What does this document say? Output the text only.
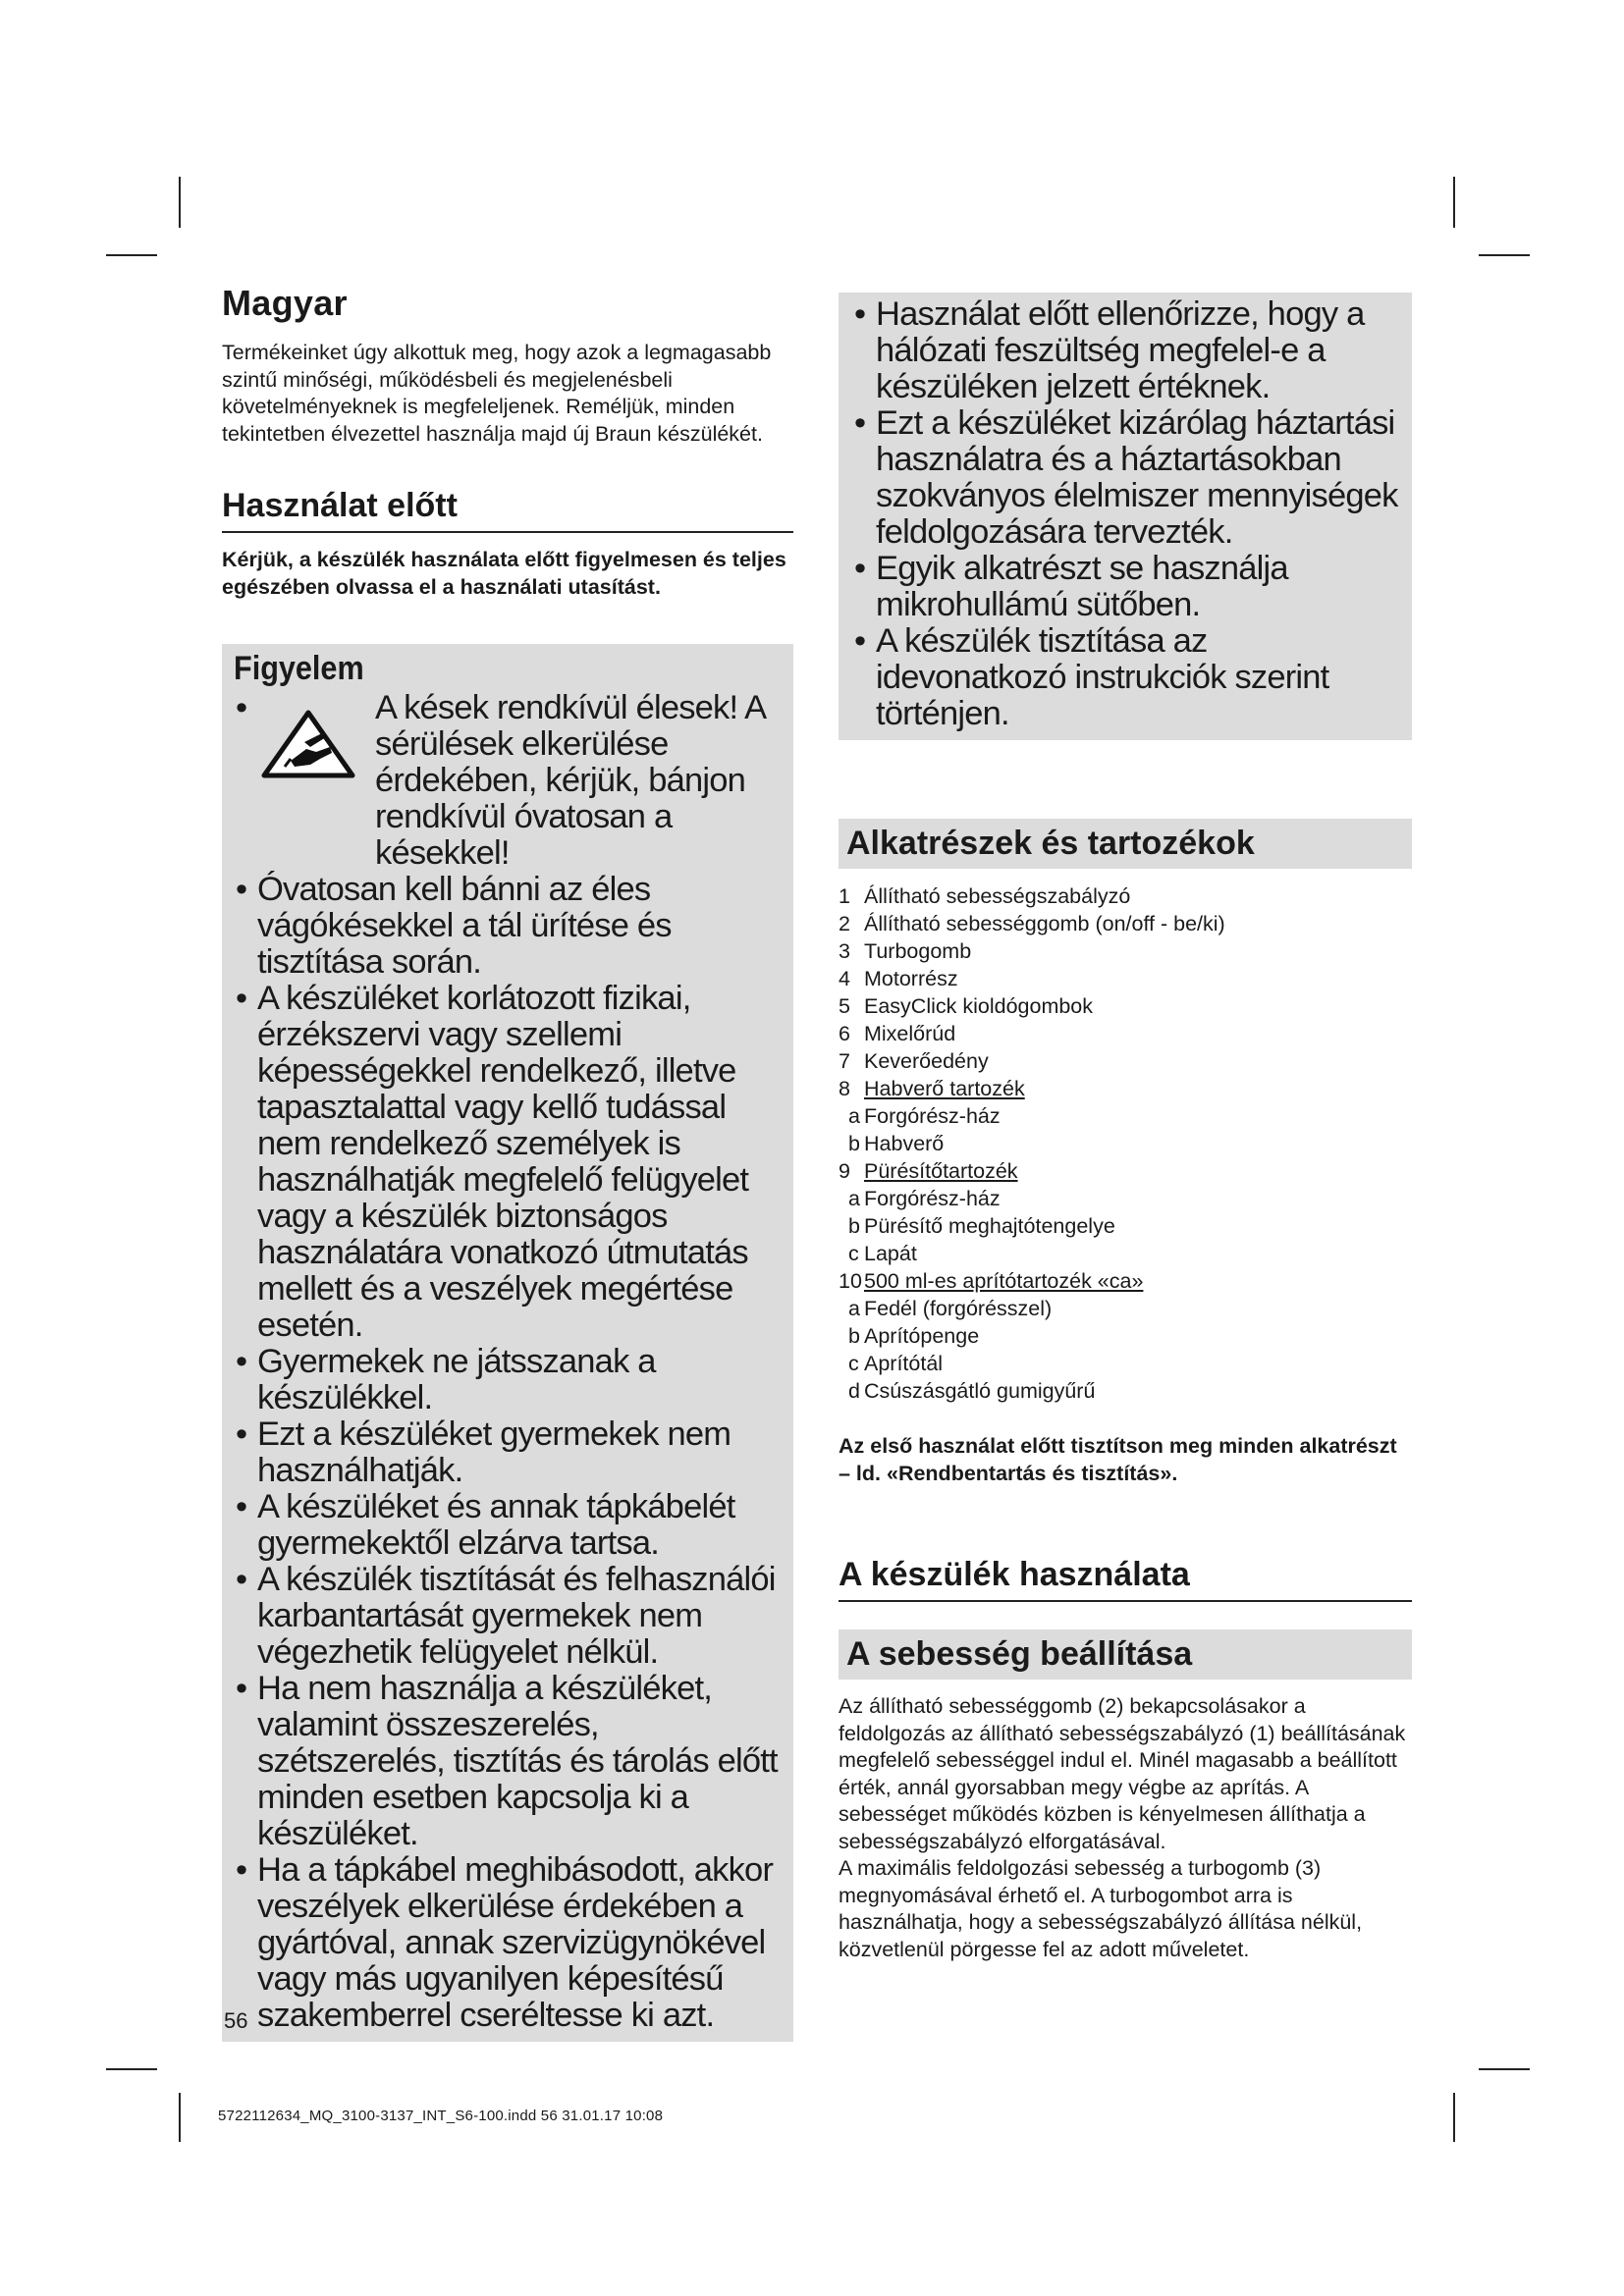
Magyar

Termékeinket úgy alkottuk meg, hogy azok a legmagasabb szintű minőségi, működésbeli és megjelenésbeli követelményeknek is megfeleljenek. Reméljük, minden tekintetben élvezettel használja majd új Braun készülékét.

Használat előtt

Kérjük, a készülék használata előtt figyelmesen és teljes egészében olvassa el a használati utasítást.

Figyelem
• A kések rendkívül élesek! A sérülések elkerülése érdekében, kérjük, bánjon rendkívül óvatosan a késekkel!
• Óvatosan kell bánni az éles vágókésekkel a tál ürítése és tisztítása során.
• A készüléket korlátozott fizikai, érzékszervi vagy szellemi képességekkel rendelkező, illetve tapasztalattal vagy kellő tudással nem rendelkező személyek is használhatják megfelelő felügyelet vagy a készülék biztonságos használatára vonatkozó útmutatás mellett és a veszélyek megértése esetén.
• Gyermekek ne játsszanak a készülékkel.
• Ezt a készüléket gyermekek nem használhatják.
• A készüléket és annak tápkábelét gyermekektől elzárva tartsa.
• A készülék tisztítását és felhasználói karbantartását gyermekek nem végezhetik felügyelet nélkül.
• Ha nem használja a készüléket, valamint összeszerelés, szétszerelés, tisztítás és tárolás előtt minden esetben kapcsolja ki a készüléket.
• Ha a tápkábel meghibásodott, akkor veszélyek elkerülése érdekében a gyártóval, annak szervizügynökével vagy más ugyanilyen képesítésű szakemberrel cseréltesse ki azt.
• Használat előtt ellenőrizze, hogy a hálózati feszültség megfelel-e a készüléken jelzett értéknek.
• Ezt a készüléket kizárólag háztartási használatra és a háztartásokban szokványos élelmiszer mennyiségek feldolgozására tervezték.
• Egyik alkatrészt se használja mikrohullámú sütőben.
• A készülék tisztítása az idevonatkozó instrukciók szerint történjen.
Alkatrészek és tartozékok
1 Állítható sebességszabályzó
2 Állítható sebességgomb (on/off - be/ki)
3 Turbogomb
4 Motorrész
5 EasyClick kioldógombok
6 Mixelőrúd
7 Keverőedény
8 Habverő tartozék
a Forgórész-ház
b Habverő
9 Pürésítőtartozék
a Forgórész-ház
b Pürésítő meghajtótengelye
c Lapát
10500 ml-es aprítótartozék «ca»
a Fedél (forgórésszel)
b Aprítópenge
c Aprítótál
d Csúszásgátló gumigyűrű

Az első használat előtt tisztítson meg minden alkatrészt – ld. «Rendbentartás és tisztítás».

A készülék használata
A sebesség beállítása

Az állítható sebességgomb (2) bekapcsolásakor a feldolgozás az állítható sebességszabályzó (1) beállításának megfelelő sebességgel indul el. Minél magasabb a beállított érték, annál gyorsabban megy végbe az aprítás. A sebességet működés közben is kényelmesen állíthatja a sebességszabályzó elforgatásával.
A maximális feldolgozási sebesség a turbogomb (3) megnyomásával érhető el. A turbogombot arra is használhatja, hogy a sebességszabályzó állítása nélkül, közvetlenül pörgesse fel az adott műveletet.

56
5722112634_MQ_3100-3137_INT_S6-100.indd 56 31.01.17 10:08
